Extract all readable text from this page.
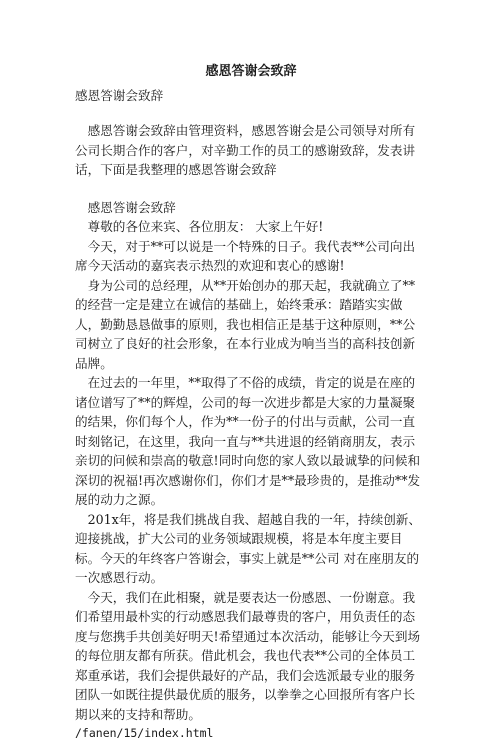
感恩答谢会致辞
感恩答谢会致辞
感恩答谢会致辞由管理资料，感恩答谢会是公司领导对所有公司长期合作的客户，对辛勤工作的员工的感谢致辞，发表讲话，下面是我整理的感恩答谢会致辞
感恩答谢会致辞
尊敬的各位来宾、各位朋友： 大家上午好!
今天，对于**可以说是一个特殊的日子。我代表**公司向出席今天活动的嘉宾表示热烈的欢迎和衷心的感谢!
身为公司的总经理，从**开始创办的那天起，我就确立了**的经营一定是建立在诚信的基础上，始终秉承：踏踏实实做人，勤勤恳恳做事的原则，我也相信正是基于这种原则，**公司树立了良好的社会形象，在本行业成为响当当的高科技创新品牌。
在过去的一年里，**取得了不俗的成绩，肯定的说是在座的诸位谱写了**的辉煌，公司的每一次进步都是大家的力量凝聚的结果，你们每个人，作为**一份子的付出与贡献，公司一直时刻铭记，在这里，我向一直与**共进退的经销商朋友，表示亲切的问候和崇高的敬意!同时向您的家人致以最诚挚的问候和深切的祝福!再次感谢你们，你们才是**最珍贵的，是推动**发展的动力之源。
201x年，将是我们挑战自我、超越自我的一年，持续创新、迎接挑战，扩大公司的业务领域跟规模，将是本年度主要目标。今天的年终客户答谢会，事实上就是**公司 对在座朋友的一次感恩行动。
今天，我们在此相聚，就是要表达一份感恩、一份谢意。我们希望用最朴实的行动感恩我们最尊贵的客户，用负责任的态度与您携手共创美好明天!希望通过本次活动，能够让今天到场的每位朋友都有所获。借此机会，我也代表**公司的全体员工郑重承诺，我们会提供最好的产品，我们会选派最专业的服务团队一如既往提供最优质的服务，以拳拳之心回报所有客户长期以来的支持和帮助。
/fanen/15/index.html
